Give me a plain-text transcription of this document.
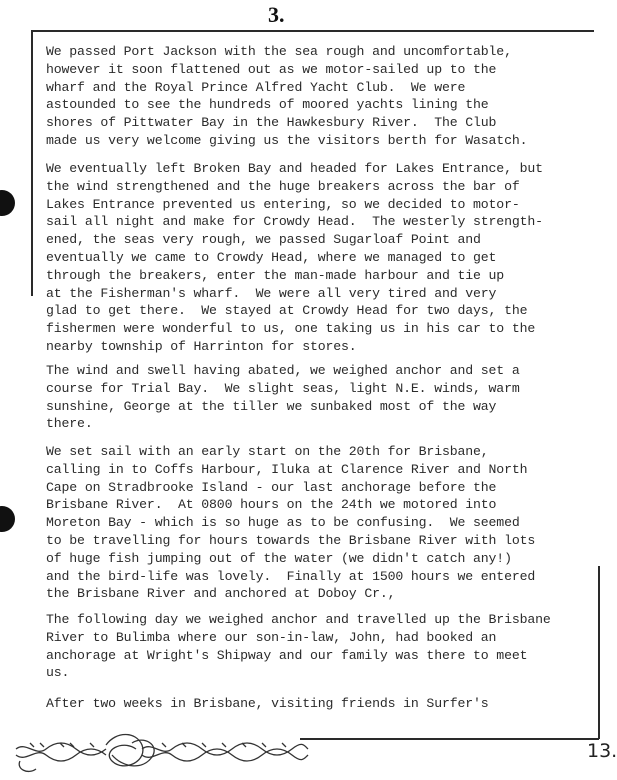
3.
We passed Port Jackson with the sea rough and uncomfortable,
however it soon flattened out as we motor-sailed up to the
wharf and the Royal Prince Alfred Yacht Club.  We were
astounded to see the hundreds of moored yachts lining the
shores of Pittwater Bay in the Hawkesbury River.  The Club
made us very welcome giving us the visitors berth for Wasatch.
We eventually left Broken Bay and headed for Lakes Entrance, but
the wind strengthened and the huge breakers across the bar of
Lakes Entrance prevented us entering, so we decided to motor-
sail all night and make for Crowdy Head.  The westerly strength-
ened, the seas very rough, we passed Sugarloaf Point and
eventually we came to Crowdy Head, where we managed to get
through the breakers, enter the man-made harbour and tie up
at the Fisherman's wharf.  We were all very tired and very
glad to get there.  We stayed at Crowdy Head for two days, the
fishermen were wonderful to us, one taking us in his car to the
nearby township of Harrinton for stores.
The wind and swell having abated, we weighed anchor and set a
course for Trial Bay.  We slight seas, light N.E. winds, warm
sunshine, George at the tiller we sunbaked most of the way
there.
We set sail with an early start on the 20th for Brisbane,
calling in to Coffs Harbour, Iluka at Clarence River and North
Cape on Stradbrooke Island - our last anchorage before the
Brisbane River.  At 0800 hours on the 24th we motored into
Moreton Bay - which is so huge as to be confusing.  We seemed
to be travelling for hours towards the Brisbane River with lots
of huge fish jumping out of the water (we didn't catch any!)
and the bird-life was lovely.  Finally at 1500 hours we entered
the Brisbane River and anchored at Doboy Cr.,
The following day we weighed anchor and travelled up the Brisbane
River to Bulimba where our son-in-law, John, had booked an
anchorage at Wright's Shipway and our family was there to meet
us.
After two weeks in Brisbane, visiting friends in Surfer's
13.
